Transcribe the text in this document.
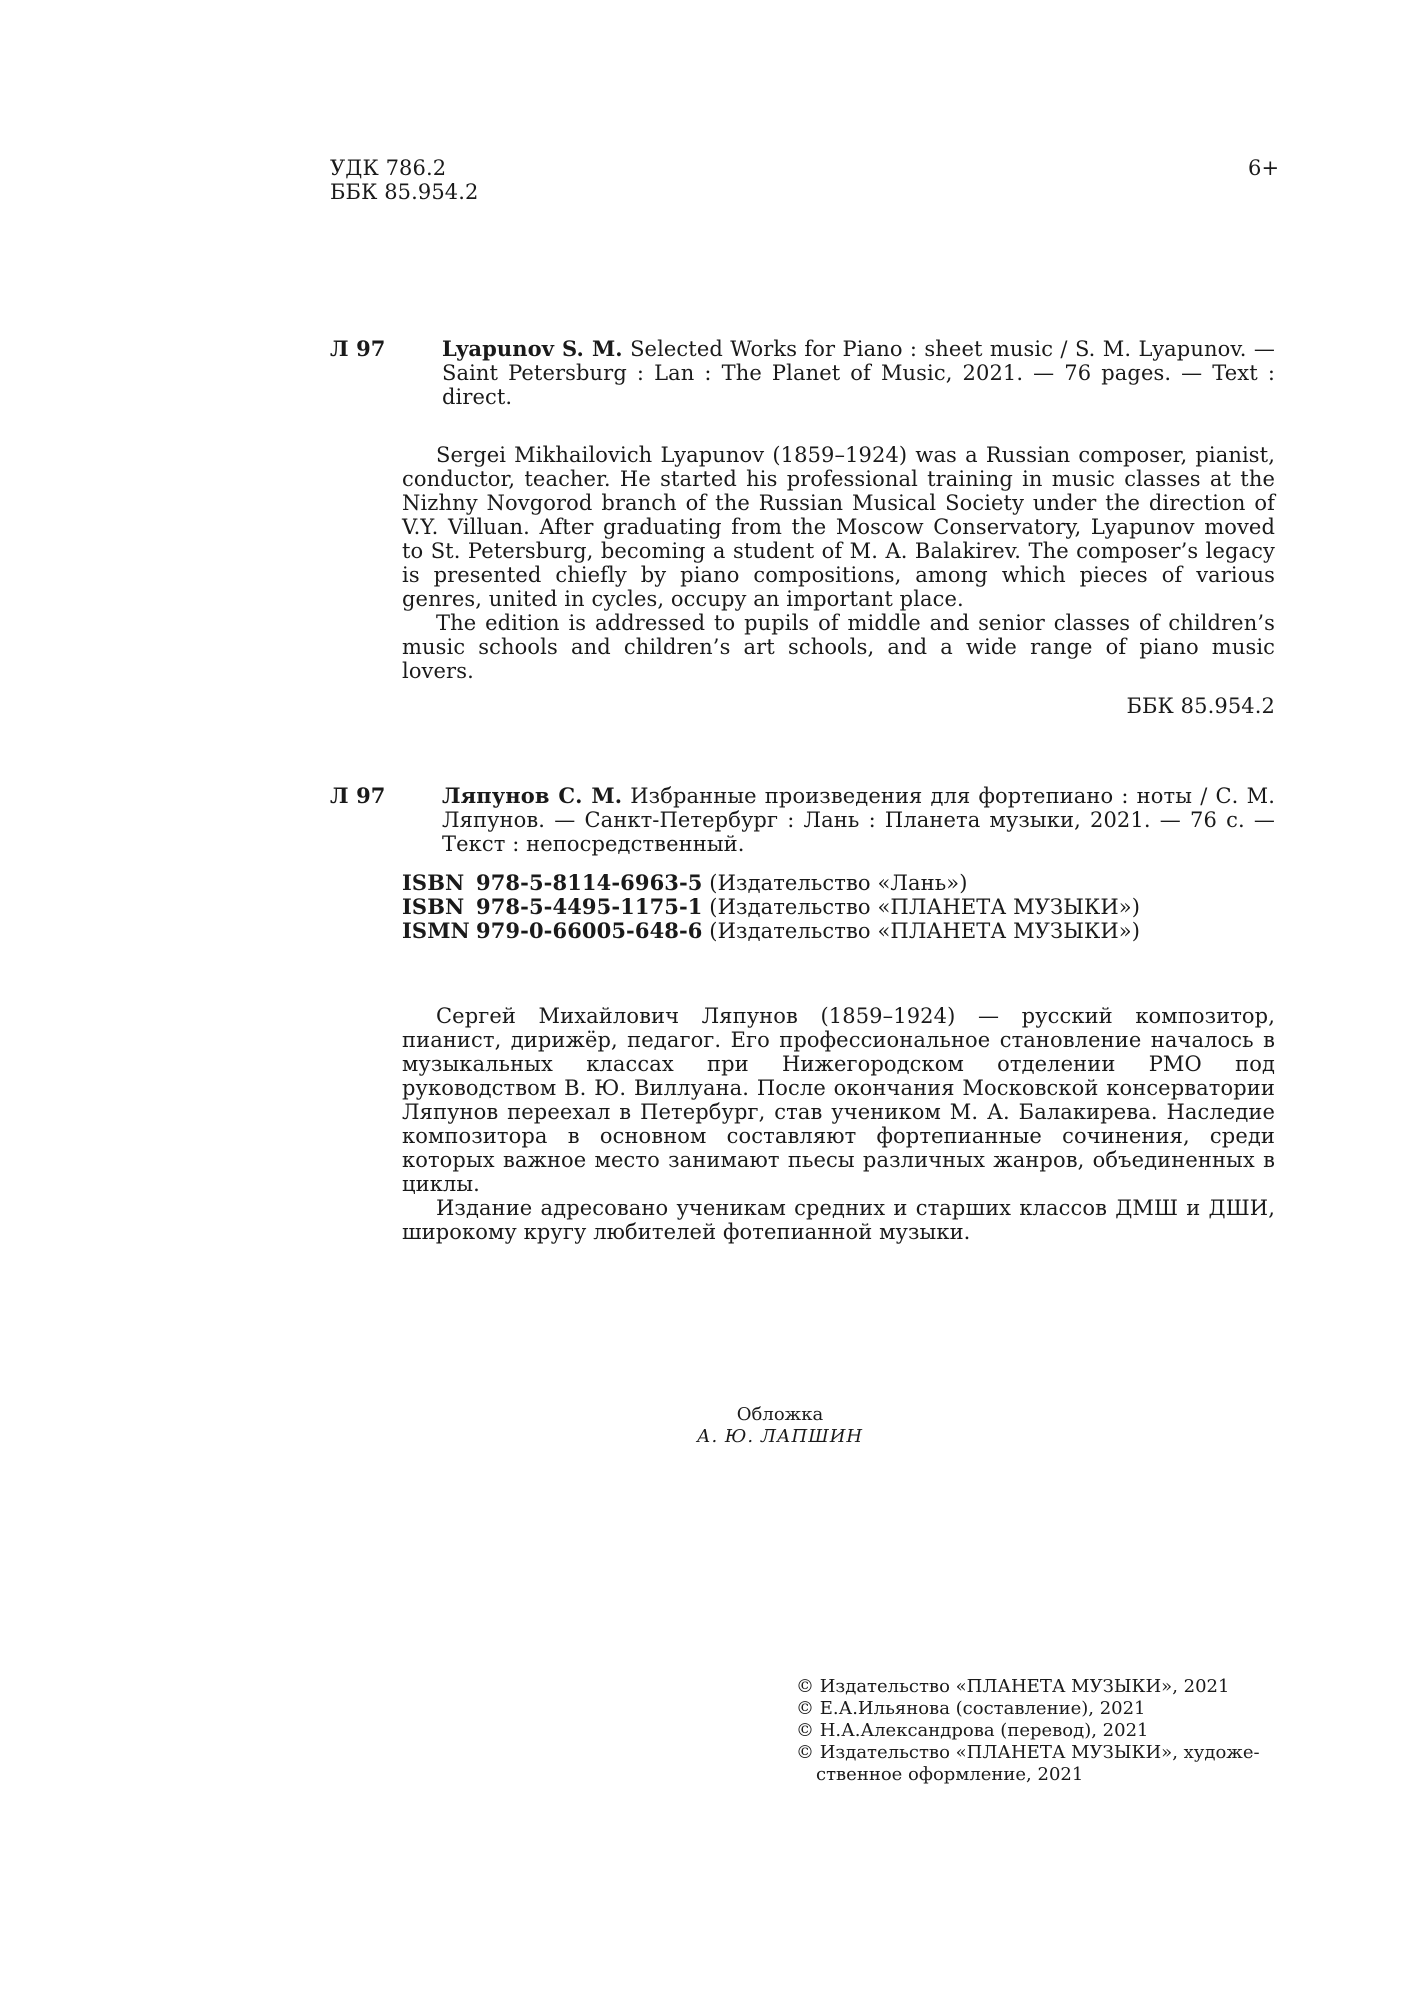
УДК 786.2
ББК 85.954.2
6+
Л 97	Lyapunov S. M. Selected Works for Piano : sheet music / S. M. Lyapunov. — Saint Petersburg : Lan : The Planet of Music, 2021. — 76 pages. — Text : direct.

Sergei Mikhailovich Lyapunov (1859–1924) was a Russian composer, pianist, conductor, teacher. He started his professional training in music classes at the Nizhny Novgorod branch of the Russian Musical Society under the direction of V.Y. Villuan. After graduating from the Moscow Conservatory, Lyapunov moved to St. Petersburg, becoming a student of M. A. Balakirev. The composer’s legacy is presented chiefly by piano compositions, among which pieces of various genres, united in cycles, occupy an important place.

The edition is addressed to pupils of middle and senior classes of children’s music schools and children’s art schools, and a wide range of piano music lovers.

ББК 85.954.2
Л 97	Ляпунов С. М. Избранные произведения для фортепиано : ноты / С. М. Ляпунов. — Санкт-Петербург : Лань : Планета музыки, 2021. — 76 с. — Текст : непосредственный.
ISBN 978-5-8114-6963-5 (Издательство «Лань»)
ISBN 978-5-4495-1175-1 (Издательство «ПЛАНЕТА МУЗЫКИ»)
ISMN 979-0-66005-648-6 (Издательство «ПЛАНЕТА МУЗЫКИ»)

Сергей Михайлович Ляпунов (1859–1924) — русский композитор, пианист, дирижёр, педагог. Его профессиональное становление началось в музыкальных классах при Нижегородском отделении РМО под руководством В. Ю. Виллуана. После окончания Московской консерватории Ляпунов переехал в Петербург, став учеником М. А. Балакирева. Наследие композитора в основном составляют фортепианные сочинения, среди которых важное место занимают пьесы различных жанров, объединенных в циклы.

Издание адресовано ученикам средних и старших классов ДМШ и ДШИ, широкому кругу любителей фотепианной музыки.

Обложка
А. Ю. ЛАПШИН
© Издательство «ПЛАНЕТА МУЗЫКИ», 2021
© Е.А.Ильянова (составление), 2021
© Н.А.Александрова (перевод), 2021
© Издательство «ПЛАНЕТА МУЗЫКИ», художе-
ственное оформление, 2021
